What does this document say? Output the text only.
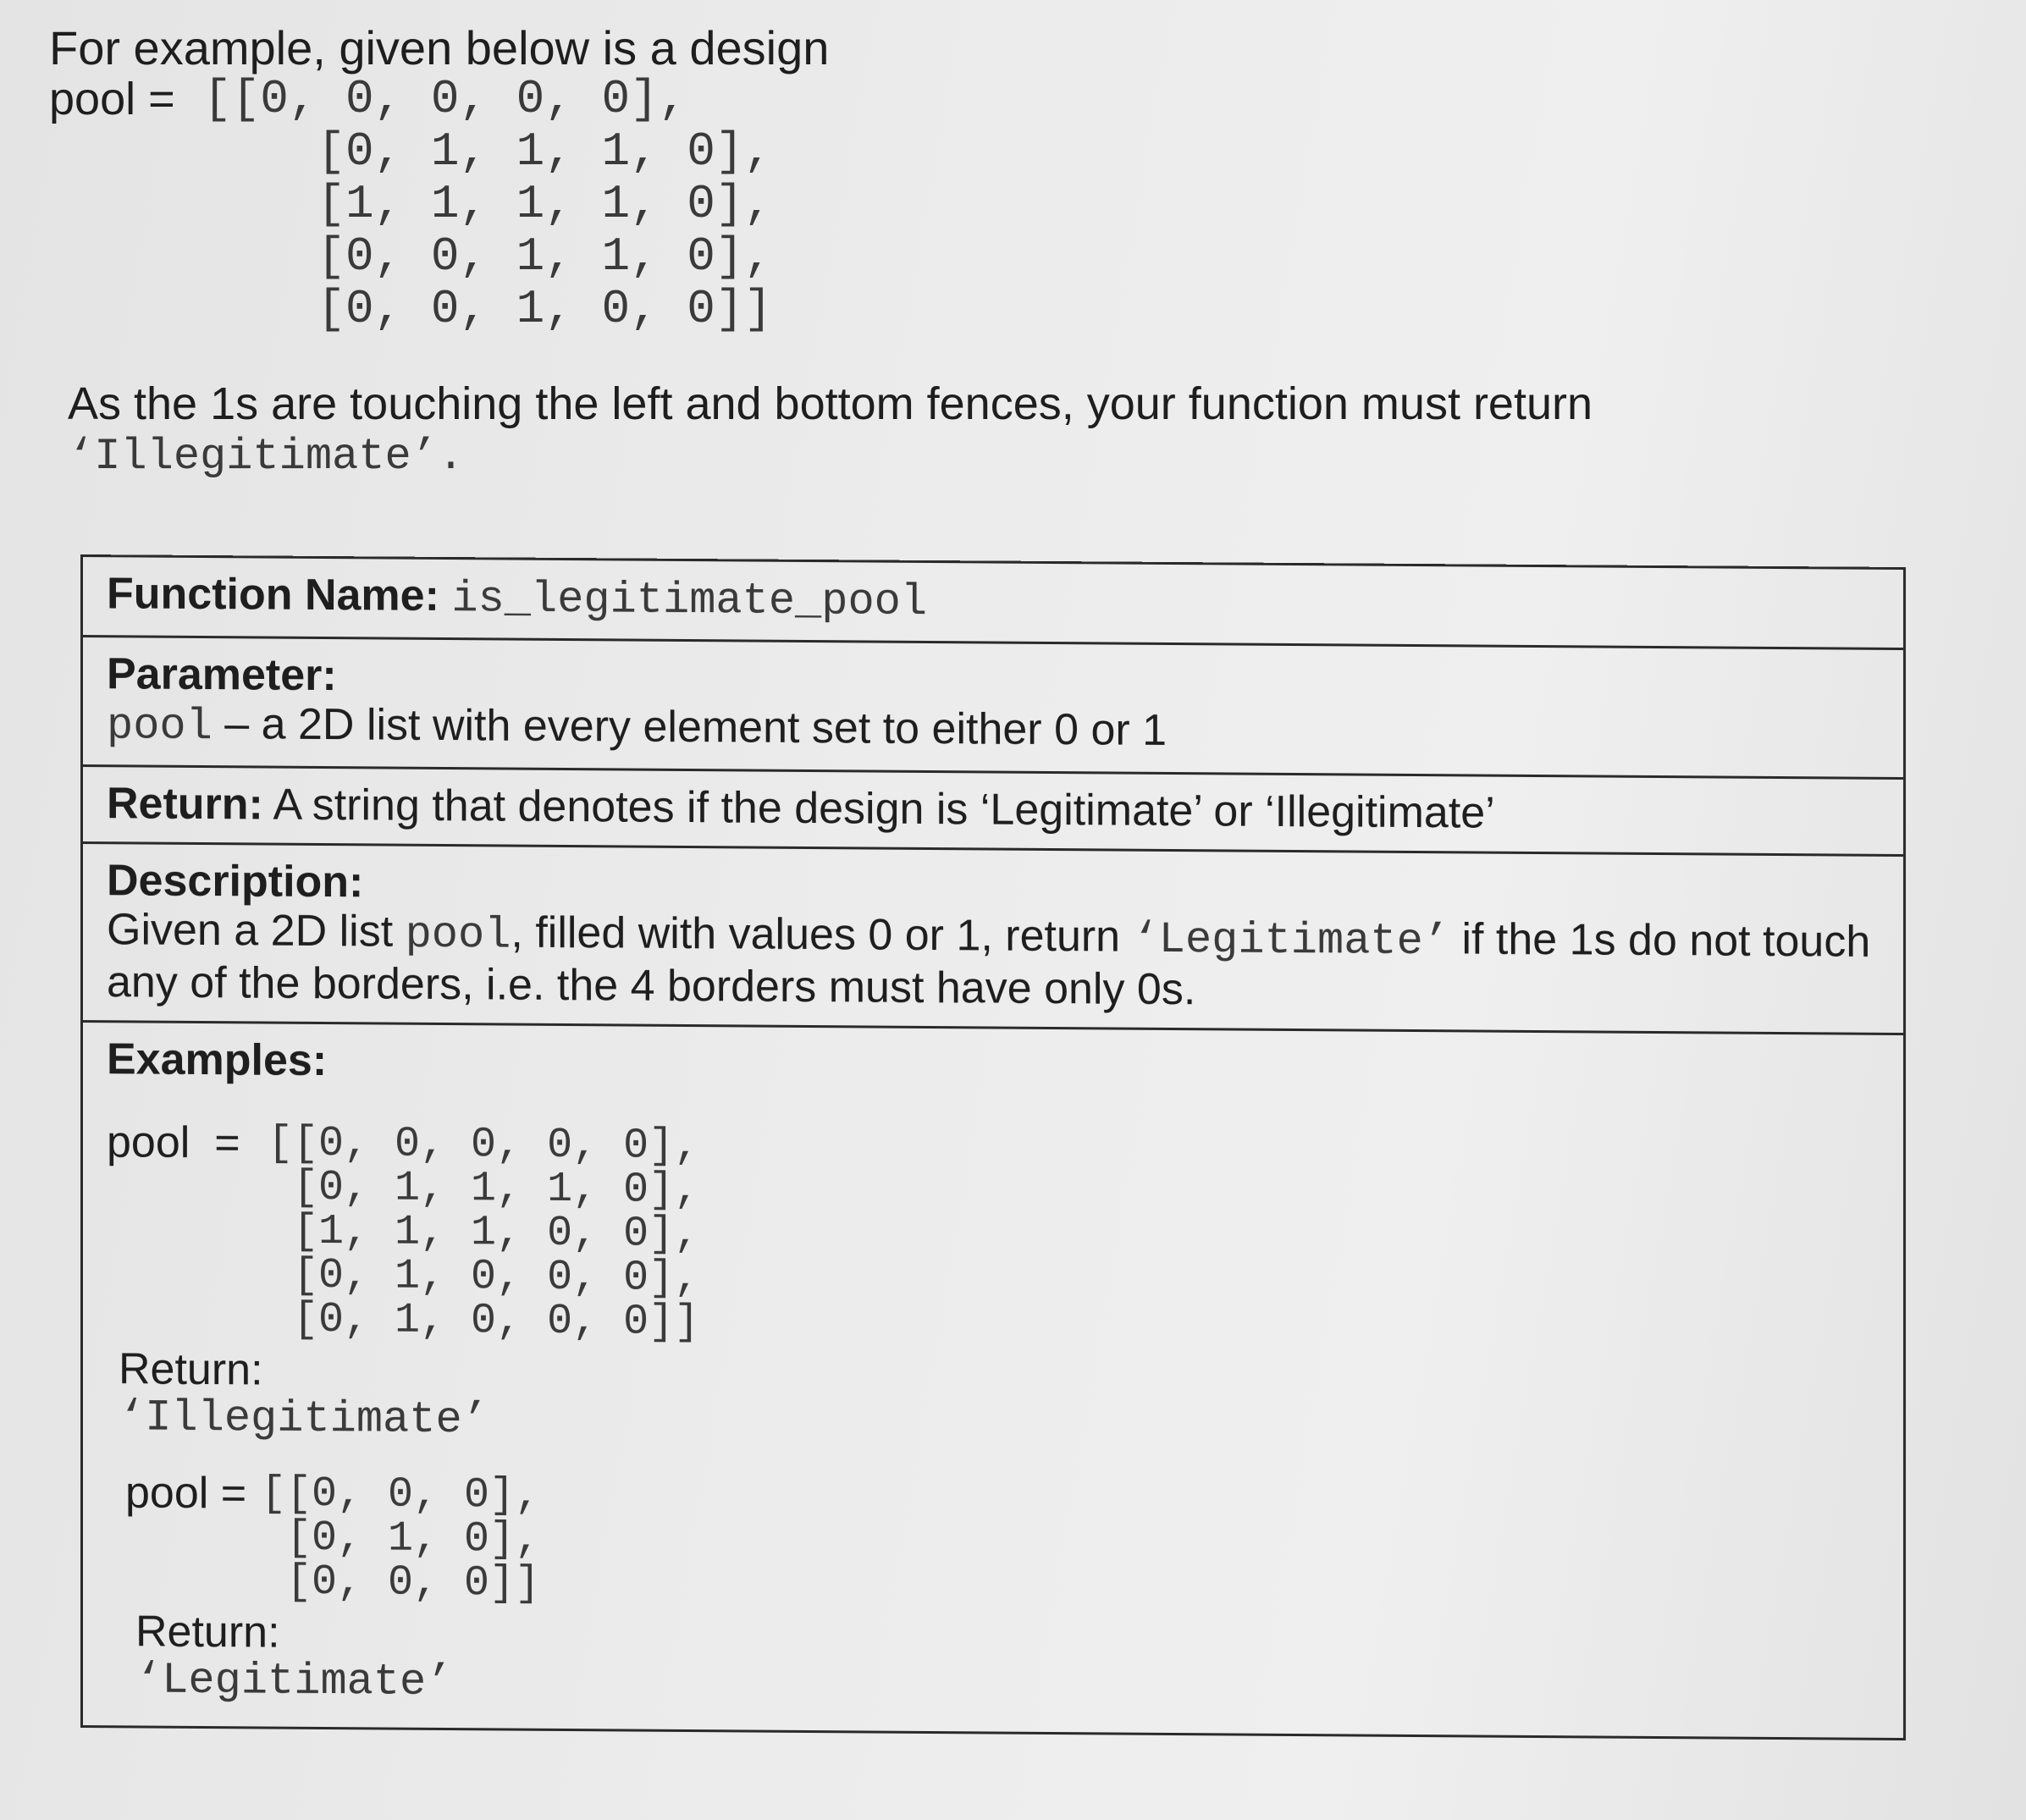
For example, given below is a design
pool = [[0, 0, 0, 0, 0],
[0, 1, 1, 1, 0],
[1, 1, 1, 1, 0],
[0, 0, 1, 1, 0],
[0, 0, 1, 0, 0]]
As the 1s are touching the left and bottom fences, your function must return
‘Illegitimate’.
Function Name: is_legitimate_pool
Parameter:
pool – a 2D list with every element set to either 0 or 1
Return: A string that denotes if the design is ‘Legitimate’ or ‘Illegitimate’
Description:
Given a 2D list pool, filled with values 0 or 1, return ‘Legitimate’ if the 1s do not touch any of the borders, i.e. the 4 borders must have only 0s.
Examples:
pool  = [[0, 0, 0, 0, 0],
[0, 1, 1, 1, 0],
[1, 1, 1, 0, 0],
[0, 1, 0, 0, 0],
[0, 1, 0, 0, 0]]
Return:
‘Illegitimate’
pool = [[0, 0, 0],
[0, 1, 0],
[0, 0, 0]]
Return:
‘Legitimate’
